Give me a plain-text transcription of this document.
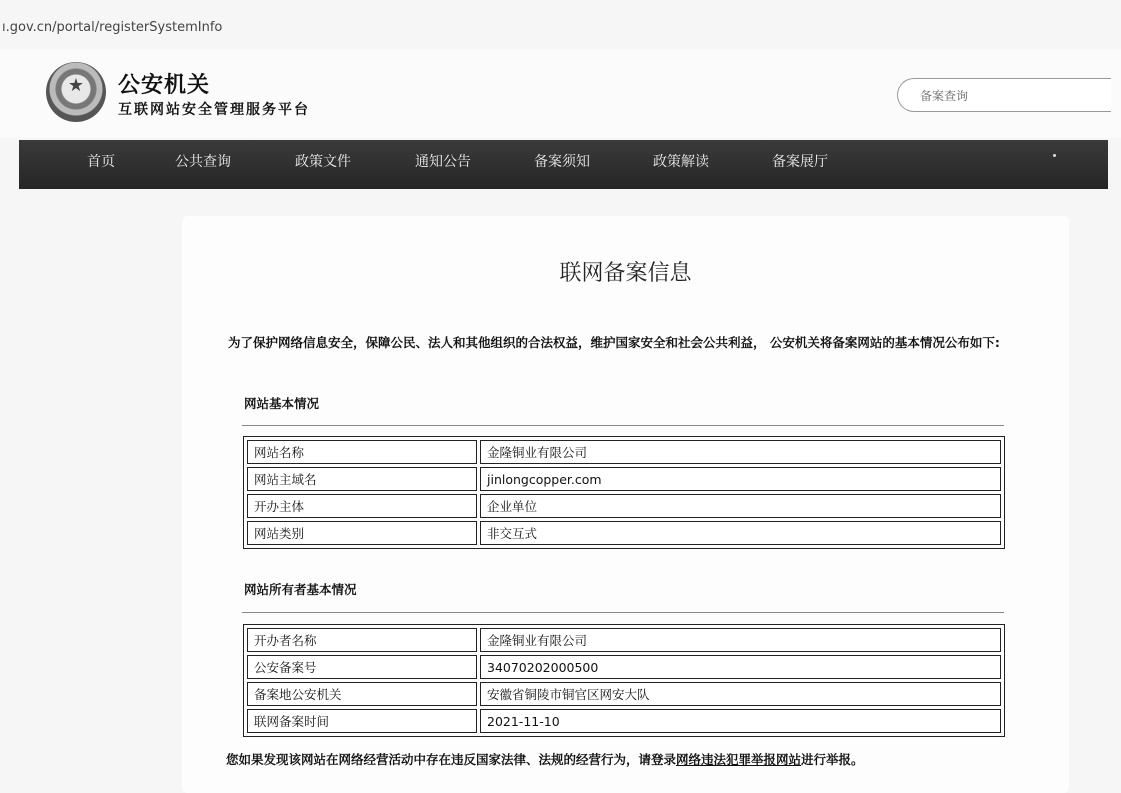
ı.gov.cn/portal/registerSystemInfo
★	公安机关
互联网站安全管理服务平台
备案查询
首页	公共查询	政策文件	通知公告	备案须知	政策解读	备案展厅
联网备案信息
为了保护网络信息安全，保障公民、法人和其他组织的合法权益，维护国家安全和社会公共利益， 公安机关将备案网站的基本情况公布如下:
网站基本情况
网站名称	金隆铜业有限公司
网站主域名	jinlongcopper.com
开办主体	企业单位
网站类别	非交互式
网站所有者基本情况
开办者名称	金隆铜业有限公司
公安备案号	34070202000500
备案地公安机关	安徽省铜陵市铜官区网安大队
联网备案时间	2021-11-10
您如果发现该网站在网络经营活动中存在违反国家法律、法规的经营行为，请登录网络违法犯罪举报网站进行举报。
